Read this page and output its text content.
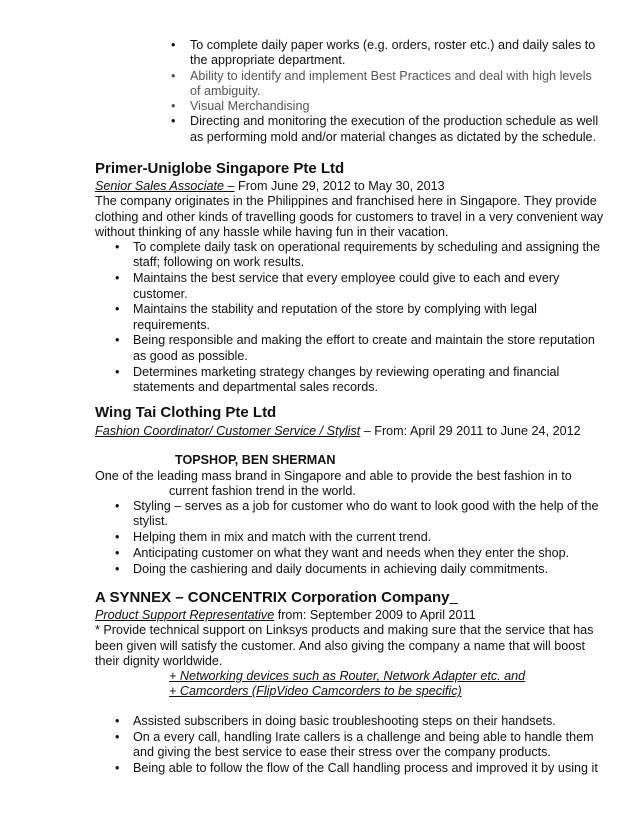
• To complete daily paper works (e.g. orders, roster etc.) and daily sales to the appropriate department.
• Ability to identify and implement Best Practices and deal with high levels of ambiguity.
• Visual Merchandising
• Directing and monitoring the execution of the production schedule as well as performing mold and/or material changes as dictated by the schedule.
Primer-Uniglobe Singapore Pte Ltd
Senior Sales Associate – From June 29, 2012 to May 30, 2013
The company originates in the Philippines and franchised here in Singapore. They provide clothing and other kinds of travelling goods for customers to travel in a very convenient way without thinking of any hassle while having fun in their vacation.
• To complete daily task on operational requirements by scheduling and assigning the staff; following on work results.
• Maintains the best service that every employee could give to each and every customer.
• Maintains the stability and reputation of the store by complying with legal requirements.
• Being responsible and making the effort to create and maintain the store reputation as good as possible.
• Determines marketing strategy changes by reviewing operating and financial statements and departmental sales records.
Wing Tai Clothing Pte Ltd
Fashion Coordinator/ Customer Service / Stylist – From: April 29 2011 to June 24, 2012
TOPSHOP, BEN SHERMAN
One of the leading mass brand in Singapore and able to provide the best fashion in to
current fashion trend in the world.
• Styling – serves as a job for customer who do want to look good with the help of the stylist.
• Helping them in mix and match with the current trend.
• Anticipating customer on what they want and needs when they enter the shop.
• Doing the cashiering and daily documents in achieving daily commitments.
A SYNNEX – CONCENTRIX Corporation Company
Product Support Representative from: September 2009 to April 2011
* Provide technical support on Linksys products and making sure that the service that has been given will satisfy the customer. And also giving the company a name that will boost their dignity worldwide.
+ Networking devices such as Router, Network Adapter etc. and
+ Camcorders (FlipVideo Camcorders to be specific)
• Assisted subscribers in doing basic troubleshooting steps on their handsets.
• On a every call, handling Irate callers is a challenge and being able to handle them and giving the best service to ease their stress over the company products.
• Being able to follow the flow of the Call handling process and improved it by using it
